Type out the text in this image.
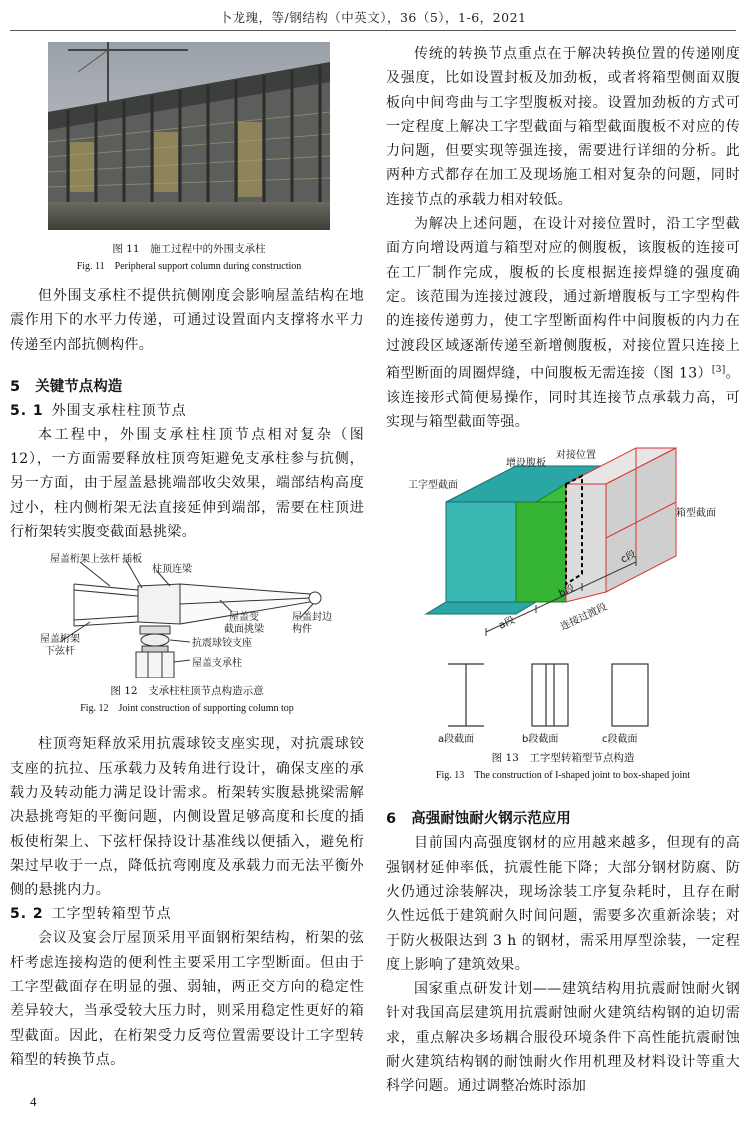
卜龙瑰，等/钢结构（中英文），36（5），1-6，2021

图 11　施工过程中的外围支承柱

Fig. 11　Peripheral support column during construction

但外围支承柱不提供抗侧刚度会影响屋盖结构在地震作用下的水平力传递，可通过设置面内支撑将水平力传递至内部抗侧构件。

5 关键节点构造

5. 1 外围支承柱柱顶节点

本工程中，外围支承柱柱顶节点相对复杂（图 12），一方面需要释放柱顶弯矩避免支承柱参与抗侧，另一方面，由于屋盖悬挑端部收尖效果，端部结构高度过小，柱内侧桁架无法直接延伸到端部，需要在柱顶进行桁架转实腹变截面悬挑梁。

屋盖桁架上弦杆 插板
柱顶连梁
屋盖变
截面挑梁
屋盖封边
构件
屋盖桁架
下弦杆
抗震球铰支座
屋盖支承柱

图 12　支承柱柱顶节点构造示意

Fig. 12　Joint construction of supporting column top

柱顶弯矩释放采用抗震球铰支座实现，对抗震球铰支座的抗拉、压承载力及转角进行设计，确保支座的承载力及转动能力满足设计需求。桁架转实腹悬挑梁需解决悬挑弯矩的平衡问题，内侧设置足够高度和长度的插板使桁架上、下弦杆保持设计基准线以便插入，避免桁架过早收于一点，降低抗弯刚度及承载力而无法平衡外侧的悬挑内力。

5. 2 工字型转箱型节点

会议及宴会厅屋顶采用平面钢桁架结构，桁架的弦杆考虑连接构造的便利性主要采用工字型断面。但由于工字型截面存在明显的强、弱轴，两正交方向的稳定性差异较大，当承受较大压力时，则采用稳定性更好的箱型截面。因此，在桁架受力反弯位置需要设计工字型转箱型的转换节点。

传统的转换节点重点在于解决转换位置的传递刚度及强度，比如设置封板及加劲板，或者将箱型侧面双腹板向中间弯曲与工字型腹板对接。设置加劲板的方式可一定程度上解决工字型截面与箱型截面腹板不对应的传力问题，但要实现等强连接，需要进行详细的分析。此两种方式都存在加工及现场施工相对复杂的问题，同时连接节点的承载力相对较低。

为解决上述问题，在设计对接位置时，沿工字型截面方向增设两道与箱型对应的侧腹板，该腹板的连接可在工厂制作完成，腹板的长度根据连接焊缝的强度确定。该范围为连接过渡段，通过新增腹板与工字型构件的连接传递剪力，使工字型断面构件中间腹板的内力在过渡段区域逐渐传递至新增侧腹板，对接位置只连接上箱型断面的周圈焊缝，中间腹板无需连接（图 13）[3]。该连接形式简便易操作，同时其连接节点承载力高，可实现与箱型截面等强。

增设腹板
对接位置
工字型截面
箱型截面
c段
b段
a段	连接过渡段
a段截面	b段截面	c段截面

图 13　工字型转箱型节点构造

Fig. 13　The construction of I-shaped joint to box-shaped joint

6 高强耐蚀耐火钢示范应用

目前国内高强度钢材的应用越来越多，但现有的高强钢材延伸率低，抗震性能下降；大部分钢材防腐、防火仍通过涂装解决，现场涂装工序复杂耗时，且存在耐久性远低于建筑耐久时间问题，需要多次重新涂装；对于防火极限达到 3 h 的钢材，需采用厚型涂装，一定程度上影响了建筑效果。

国家重点研发计划——建筑结构用抗震耐蚀耐火钢针对我国高层建筑用抗震耐蚀耐火建筑结构钢的迫切需求，重点解决多场耦合服役环境条件下高性能抗震耐蚀耐火建筑结构钢的耐蚀耐火作用机理及材料设计等重大科学问题。通过调整冶炼时添加

4
